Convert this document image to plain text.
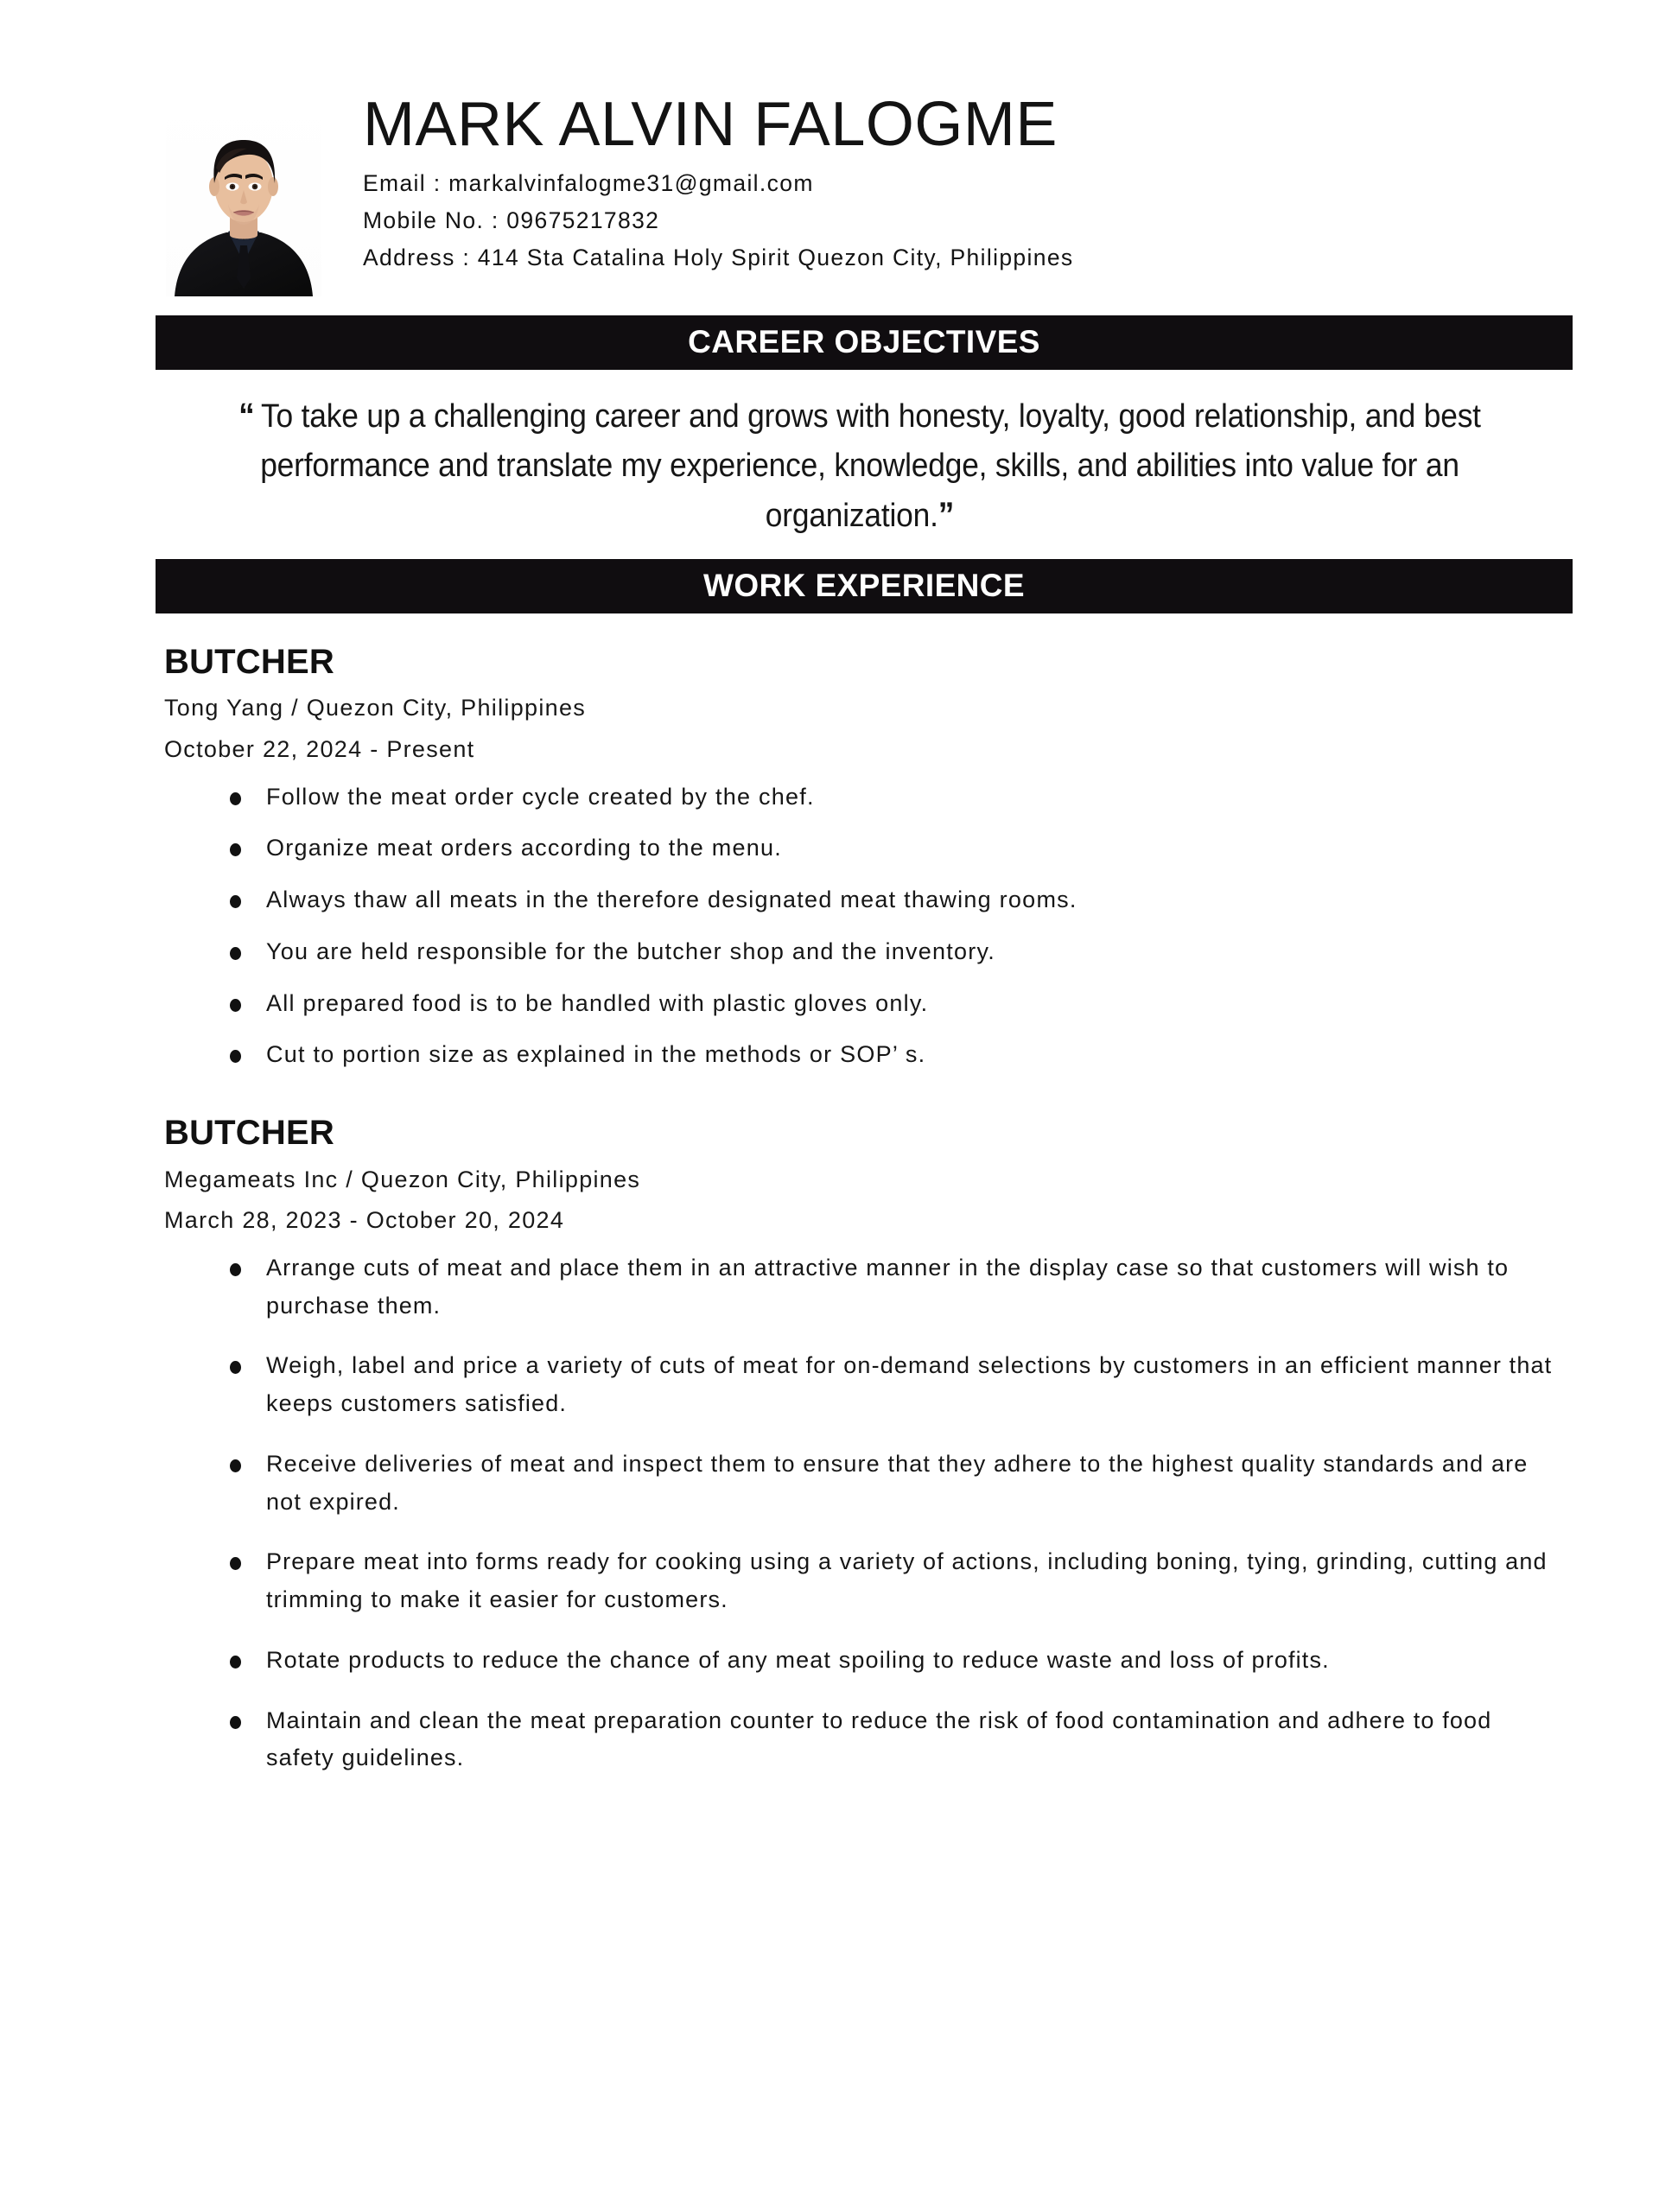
MARK ALVIN FALOGME
Email : markalvinfalogme31@gmail.com
Mobile No. : 09675217832
Address : 414 Sta Catalina Holy Spirit Quezon City, Philippines
CAREER OBJECTIVES
“ To take up a challenging career and grows with honesty, loyalty, good relationship, and best performance and translate my experience, knowledge, skills, and abilities into value for an organization.”
WORK EXPERIENCE
BUTCHER
Tong Yang / Quezon City, Philippines
October 22, 2024 - Present
Follow the meat order cycle created by the chef.
Organize meat orders according to the menu.
Always thaw all meats in the therefore designated meat thawing rooms.
You are held responsible for the butcher shop and the inventory.
All prepared food is to be handled with plastic gloves only.
Cut to portion size as explained in the methods or SOP’ s.
BUTCHER
Megameats Inc / Quezon City, Philippines
March 28, 2023 - October 20, 2024
Arrange cuts of meat and place them in an attractive manner in the display case so that customers will wish to purchase them.
Weigh, label and price a variety of cuts of meat for on-demand selections by customers in an efficient manner that keeps customers satisfied.
Receive deliveries of meat and inspect them to ensure that they adhere to the highest quality standards and are not expired.
Prepare meat into forms ready for cooking using a variety of actions, including boning, tying, grinding, cutting and trimming to make it easier for customers.
Rotate products to reduce the chance of any meat spoiling to reduce waste and loss of profits.
Maintain and clean the meat preparation counter to reduce the risk of food contamination and adhere to food safety guidelines.
